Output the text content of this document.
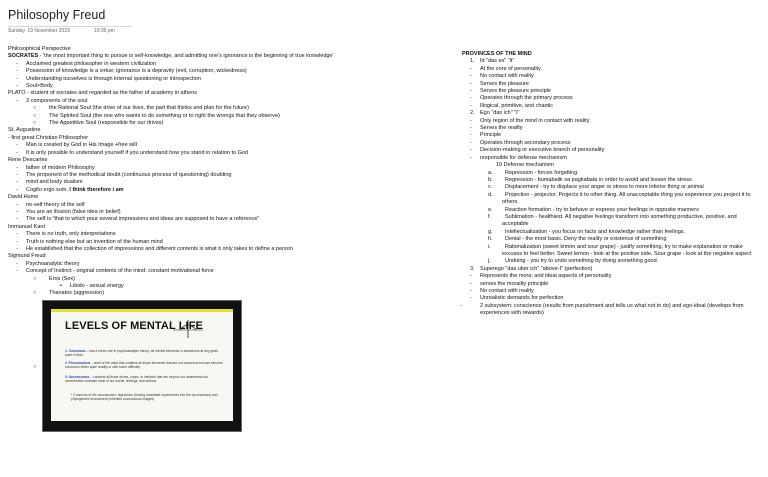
Philosophy Freud
Sunday, 19 November 2023	10:35 pm
Philosophical Perspective
SOCRATES - 'the most important thing to pursue is self-knowledge, and admitting one's ignorance is the beginning of true knowledge'
- Acclaimed greatest philosopher in western civilization
- Possession of knowledge is a virtue; ignorance is a depravity (evil, corruption, wickedness)
- Understanding ourselves is through internal questioning or introspection
- Soul>Body
PLATO - student of socrates and regarded as the father of academy in athens
- 3 components of the soul
○ the Rational Soul (the drive of our lives, the part that thinks and plan for the future)
○ The Spirited Soul (the one who wants to do something or to right the wrongs that they observe)
○ The Appetitive Soul (responsible for our drives)
St. Augustine
- first great Christian Philosopher
- Man is created by God in His Image +free will
- It is only possible to understand yourself if you understand how you stand in relation to God
Rene Descartes
- father of modern Philosophy
- The proponent of the methodical doubt (continuous process of questioning) doubting
- mind and body dualism
- Cogito ergo sum, I think therefore i am
David Hume
- no-self theory of the self
- You are an illusion (false idea or belief)
- The self is "that to which pour several impressions and ideas are supposed to have a reference"
Immanuel Kant
- There is no truth, only interpretations
- Truth is nothing else but an invention of the human mind
- He established that the collection of impressions and different contents is what it only takes to define a person
Sigmund Freud
- Psychoanalytic theory
- Concept of Instinct - original contents of the mind: constant motivational force
○ Eros (Sex)
▪ Libido - sexual energy
○ Thanatos (aggression)
○
LEVELS OF MENTAL LIFE
1. Conscious – has a minor role in psychoanalytic theory; all mental elements in awareness at any given point in time.
2. Preconscious – level of the mind that contains all those elements that are not conscious but can become conscious either quite readily or with some difficulty.
3. Unconscious – contains all those drives, urges, or instincts that are beyond our awareness but nevertheless motivate most of our words, feelings, and actions.
* 2 sources of the unconscious: repression (forcing unwanted experiences into the unconscious) and phylogenetic endowment (inherited unconscious images)
PROVINCES OF THE MIND
1. Id "das es" "it"
- At the core of personality
- No contact with reality
- Serves the pleasure
- Serves the pleasure principle
- Operates through the primary process
- Illogical, primitive, and chaotic
2. Ego "das ich" "I"
- Only region of the mind in contact with reality
- Serves the reality
- Principle
- Operates through secondary process
- Decision-making or executive branch of personality
- responsible for defense mechanism
10 Defense mechanism
a. Repression - forces forgetting
b. Regression - bumabalik sa pagkabata in order to avoid and lessen the stress
c. Displacement - try to displace your anger or stress to more inferior thing or animal
d. Projection - projector. Projects it to other thing. All unacceptable thing you experience you project it to others.
e. Reaction formation - try to behave or express your feelings in opposite manners
f.	Sublimation - healthiest. All negative feelings transform into something productive, positive, and acceptable
g. Intellectualization - you focus on facts and knowledge rather than feelings.
h. Denial - the most basic. Deny the reality or existence of something
i.	Rationalization (sweet lemon and sour grape) - justify something, try to make explanation or make excuses to feel better. Sweet lemon - look at the positive side, Sour grape - look at the negative aspect
j.	Undoing - you try to undo something by doing something good.
3. Superego "das uber ich" "above-I" (perfection)
- Represents the mora; and ideal aspects of personality
- serves the morality principle
- No contact with reality
- Unrealistic demands for perfection
-	2 subsystem: conscience (results from punishment and tells us what not to do) and ego-ideal (develops from experiences with rewards)
